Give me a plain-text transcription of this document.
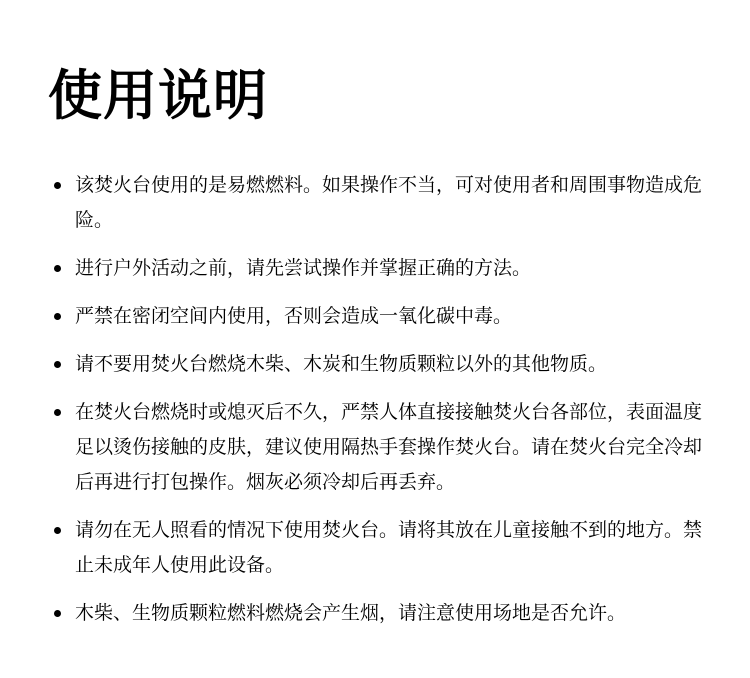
使用说明
该焚火台使用的是易燃燃料。如果操作不当，可对使用者和周围事物造成危险。
进行户外活动之前，请先尝试操作并掌握正确的方法。
严禁在密闭空间内使用，否则会造成一氧化碳中毒。
请不要用焚火台燃烧木柴、木炭和生物质颗粒以外的其他物质。
在焚火台燃烧时或熄灭后不久，严禁人体直接接触焚火台各部位，表面温度足以烫伤接触的皮肤，建议使用隔热手套操作焚火台。请在焚火台完全冷却后再进行打包操作。烟灰必须冷却后再丢弃。
请勿在无人照看的情况下使用焚火台。请将其放在儿童接触不到的地方。禁止未成年人使用此设备。
木柴、生物质颗粒燃料燃烧会产生烟，请注意使用场地是否允许。
